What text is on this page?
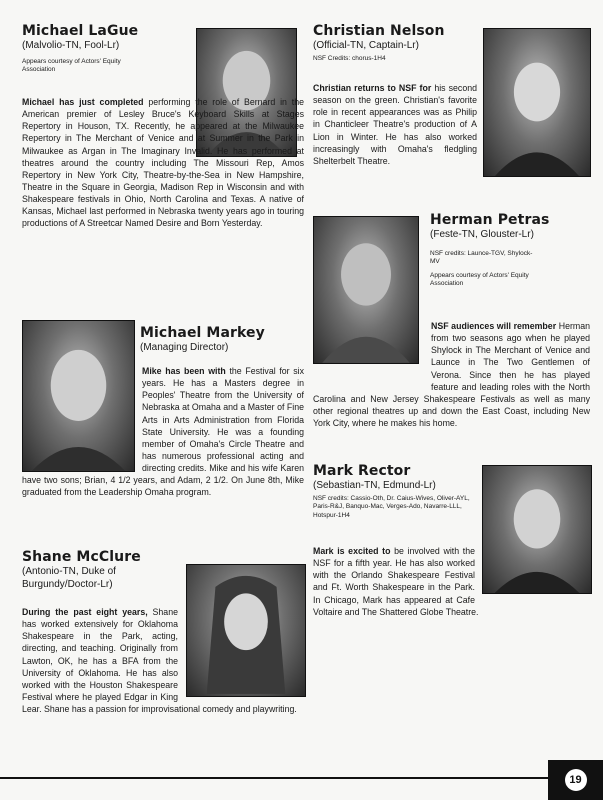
Michael LaGue

(Malvolio-TN, Fool-Lr)

Appears courtesy of Actors' Equity Association

Michael has just completed performing the role of Bernard in the American premier of Lesley Bruce's Keyboard Skills at Stages Repertory in Houson, TX. Recently, he appeared at the Milwaukee Repertory in The Merchant of Venice and at Summer in the Park in Milwaukee as Argan in The Imaginary Invalid. He has performed at theatres around the country including The Missouri Rep, Amos Repertory in New York City, Theatre-by-the-Sea in New Hampshire, Theatre in the Square in Georgia, Madison Rep in Wisconsin and with Shakespeare festivals in Ohio, North Carolina and Texas. A native of Kansas, Michael last performed in Nebraska twenty years ago in touring productions of A Streetcar Named Desire and Born Yesterday.

Christian Nelson

(Official-TN, Captain-Lr)

NSF Credits: chorus-1H4

Christian returns to NSF for his second season on the green. Christian's favorite role in recent appearances was as Philip in Chanticleer Theatre's production of A Lion in Winter. He has also worked increasingly with Omaha's fledgling Shelterbelt Theatre.

Herman Petras

(Feste-TN, Glouster-Lr)

NSF credits: Launce-TGV, Shylock-MV

Appears courtesy of Actors' Equity Association

NSF audiences will remember Herman from two seasons ago when he played Shylock in The Merchant of Venice and Launce in The Two Gentlemen of Verona. Since then he has played feature and leading roles with the North Carolina and New Jersey Shakespeare Festivals as well as many other regional theatres up and down the East Coast, including New York City, where he makes his home.

Michael Markey

(Managing Director)

Mike has been with the Festival for six years. He has a Masters degree in Peoples' Theatre from the University of Nebraska at Omaha and a Master of Fine Arts in Arts Administration from Florida State University. He was a founding member of Omaha's Circle Theatre and has numerous professional acting and directing credits. Mike and his wife Karen have two sons; Brian, 4 1/2 years, and Adam, 2 1/2. On June 8th, Mike graduated from the Leadership Omaha program.

Mark Rector

(Sebastian-TN, Edmund-Lr)

NSF credits: Cassio-Oth, Dr. Caius-Wives, Oliver-AYL, Paris-R&J, Banquo-Mac, Verges-Ado, Navarre-LLL, Hotspur-1H4

Mark is excited to be involved with the NSF for a fifth year. He has also worked with the Orlando Shakespeare Festival and Ft. Worth Shakespeare in the Park. In Chicago, Mark has appeared at Cafe Voltaire and The Shattered Globe Theatre.

Shane McClure

(Antonio-TN, Duke of Burgundy/Doctor-Lr)

During the past eight years, Shane has worked extensively for Oklahoma Shakespeare in the Park, acting, directing, and teaching. Originally from Lawton, OK, he has a BFA from the University of Oklahoma. He has also worked with the Houston Shakespeare Festival where he played Edgar in King Lear. Shane has a passion for improvisational comedy and playwriting.

19
